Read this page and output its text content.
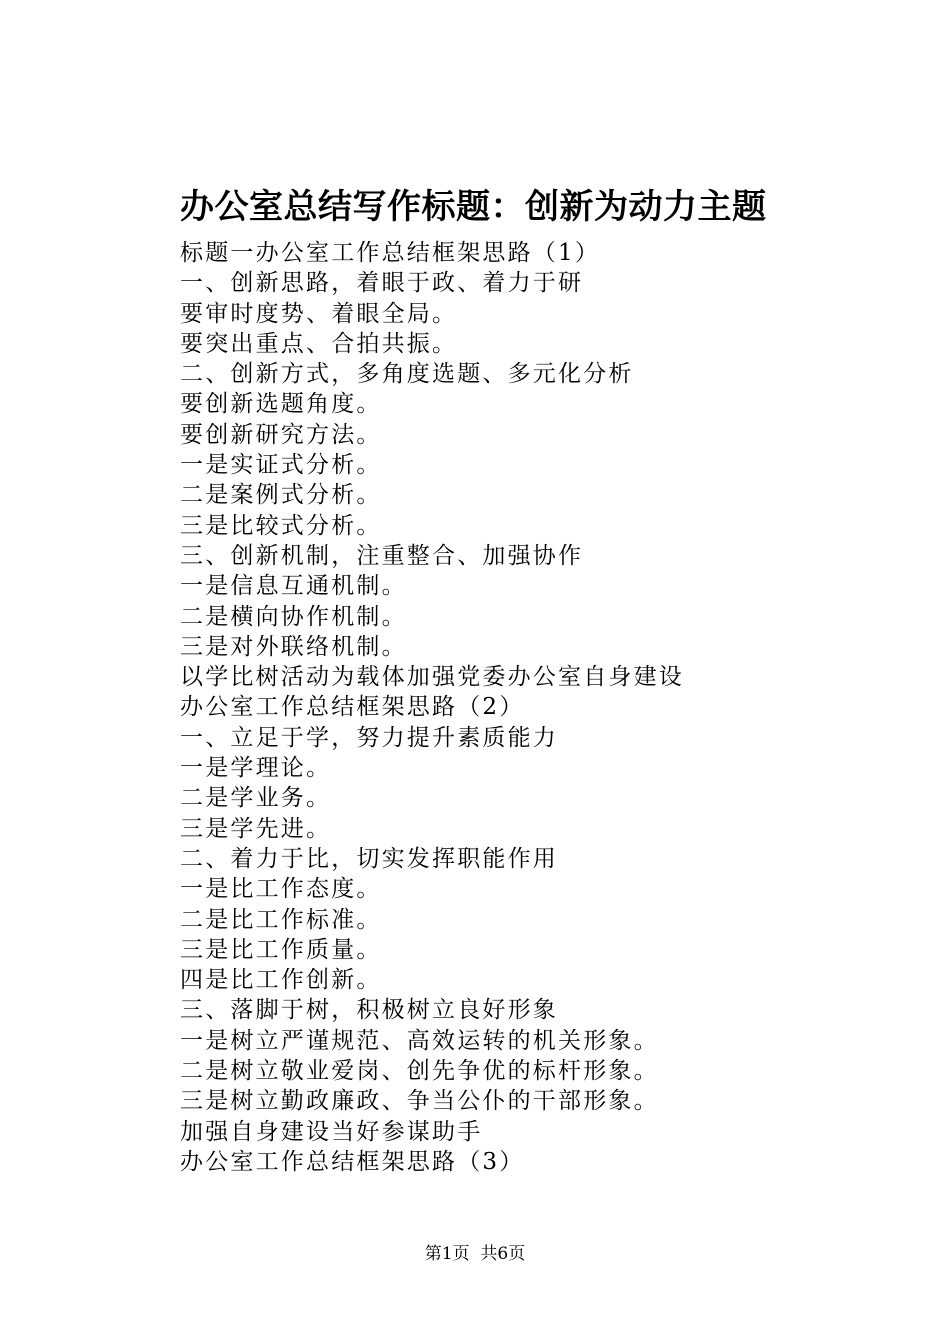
办公室总结写作标题：创新为动力主题
标题一办公室工作总结框架思路（1）
一、创新思路，着眼于政、着力于研
要审时度势、着眼全局。
要突出重点、合拍共振。
二、创新方式，多角度选题、多元化分析
要创新选题角度。
要创新研究方法。
一是实证式分析。
二是案例式分析。
三是比较式分析。
三、创新机制，注重整合、加强协作
一是信息互通机制。
二是横向协作机制。
三是对外联络机制。
以学比树活动为载体加强党委办公室自身建设
办公室工作总结框架思路（2）
一、立足于学，努力提升素质能力
一是学理论。
二是学业务。
三是学先进。
二、着力于比，切实发挥职能作用
一是比工作态度。
二是比工作标准。
三是比工作质量。
四是比工作创新。
三、落脚于树，积极树立良好形象
一是树立严谨规范、高效运转的机关形象。
二是树立敬业爱岗、创先争优的标杆形象。
三是树立勤政廉政、争当公仆的干部形象。
加强自身建设当好参谋助手
办公室工作总结框架思路（3）
第1页  共6页
